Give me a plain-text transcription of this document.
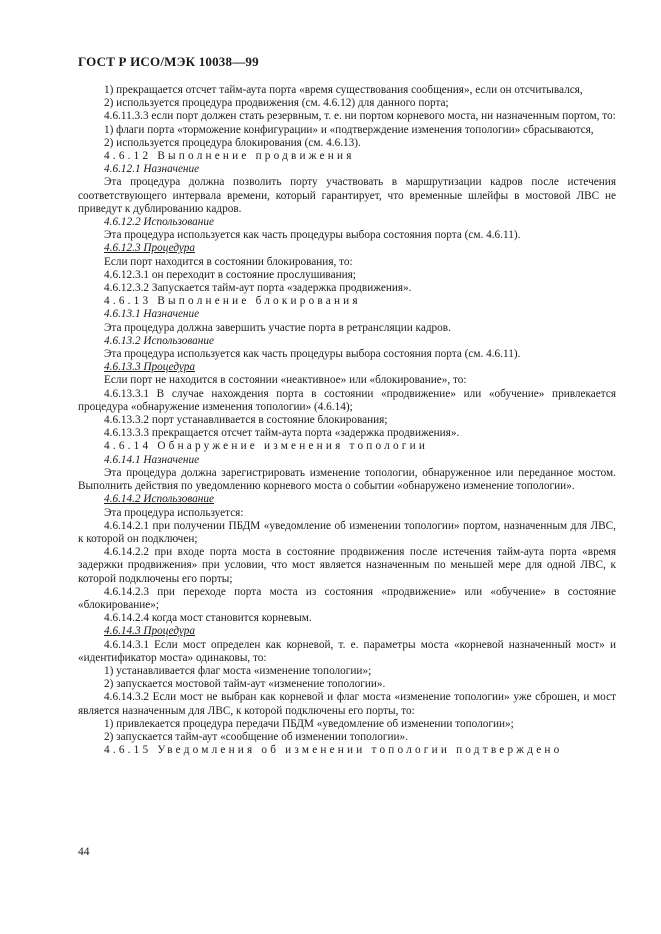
ГОСТ Р ИСО/МЭК 10038—99

1) прекращается отсчет тайм-аута порта «время существования сообщения», если он отсчитывался,

2) используется процедура продвижения (см. 4.6.12) для данного порта;

4.6.11.3.3 если порт должен стать резервным, т. е. ни портом корневого моста, ни назначенным портом, то:

1) флаги порта «торможение конфигурации» и «подтверждение изменения топологии» сбрасываются,

2) используется процедура блокирования (см. 4.6.13).

4.6.12 Выполнение продвижения

4.6.12.1 Назначение

Эта процедура должна позволить порту участвовать в маршрутизации кадров после истечения соответствующего интервала времени, который гарантирует, что временные шлейфы в мостовой ЛВС не приведут к дублированию кадров.

4.6.12.2 Использование

Эта процедура используется как часть процедуры выбора состояния порта (см. 4.6.11).

4.6.12.3 Процедура

Если порт находится в состоянии блокирования, то:

4.6.12.3.1 он переходит в состояние прослушивания;

4.6.12.3.2 Запускается тайм-аут порта «задержка продвижения».

4.6.13 Выполнение блокирования

4.6.13.1 Назначение

Эта процедура должна завершить участие порта в ретрансляции кадров.

4.6.13.2 Использование

Эта процедура используется как часть процедуры выбора состояния порта (см. 4.6.11).

4.6.13.3 Процедура

Если порт не находится в состоянии «неактивное» или «блокирование», то:

4.6.13.3.1 В случае нахождения порта в состоянии «продвижение» или «обучение» привлекается процедура «обнаружение изменения топологии» (4.6.14);

4.6.13.3.2 порт устанавливается в состояние блокирования;

4.6.13.3.3 прекращается отсчет тайм-аута порта «задержка продвижения».

4.6.14 Обнаружение изменения топологии

4.6.14.1 Назначение

Эта процедура должна зарегистрировать изменение топологии, обнаруженное или переданное мостом. Выполнить действия по уведомлению корневого моста о событии «обнаружено изменение топологии».

4.6.14.2 Использование

Эта процедура используется:

4.6.14.2.1 при получении ПБДМ «уведомление об изменении топологии» портом, назначенным для ЛВС, к которой он подключен;

4.6.14.2.2 при входе порта моста в состояние продвижения после истечения тайм-аута порта «время задержки продвижения» при условии, что мост является назначенным по меньшей мере для одной ЛВС, к которой подключены его порты;

4.6.14.2.3 при переходе порта моста из состояния «продвижение» или «обучение» в состояние «блокирование»;

4.6.14.2.4 когда мост становится корневым.

4.6.14.3 Процедура

4.6.14.3.1 Если мост определен как корневой, т. е. параметры моста «корневой назначенный мост» и «идентификатор моста» одинаковы, то:

1) устанавливается флаг моста «изменение топологии»;

2) запускается мостовой тайм-аут «изменение топологии».

4.6.14.3.2 Если мост не выбран как корневой и флаг моста «изменение топологии» уже сброшен, и мост является назначенным для ЛВС, к которой подключены его порты, то:

1) привлекается процедура передачи ПБДМ «уведомление об изменении топологии»;

2) запускается тайм-аут «сообщение об изменении топологии».

4.6.15 Уведомления об изменении топологии подтверждено

44
